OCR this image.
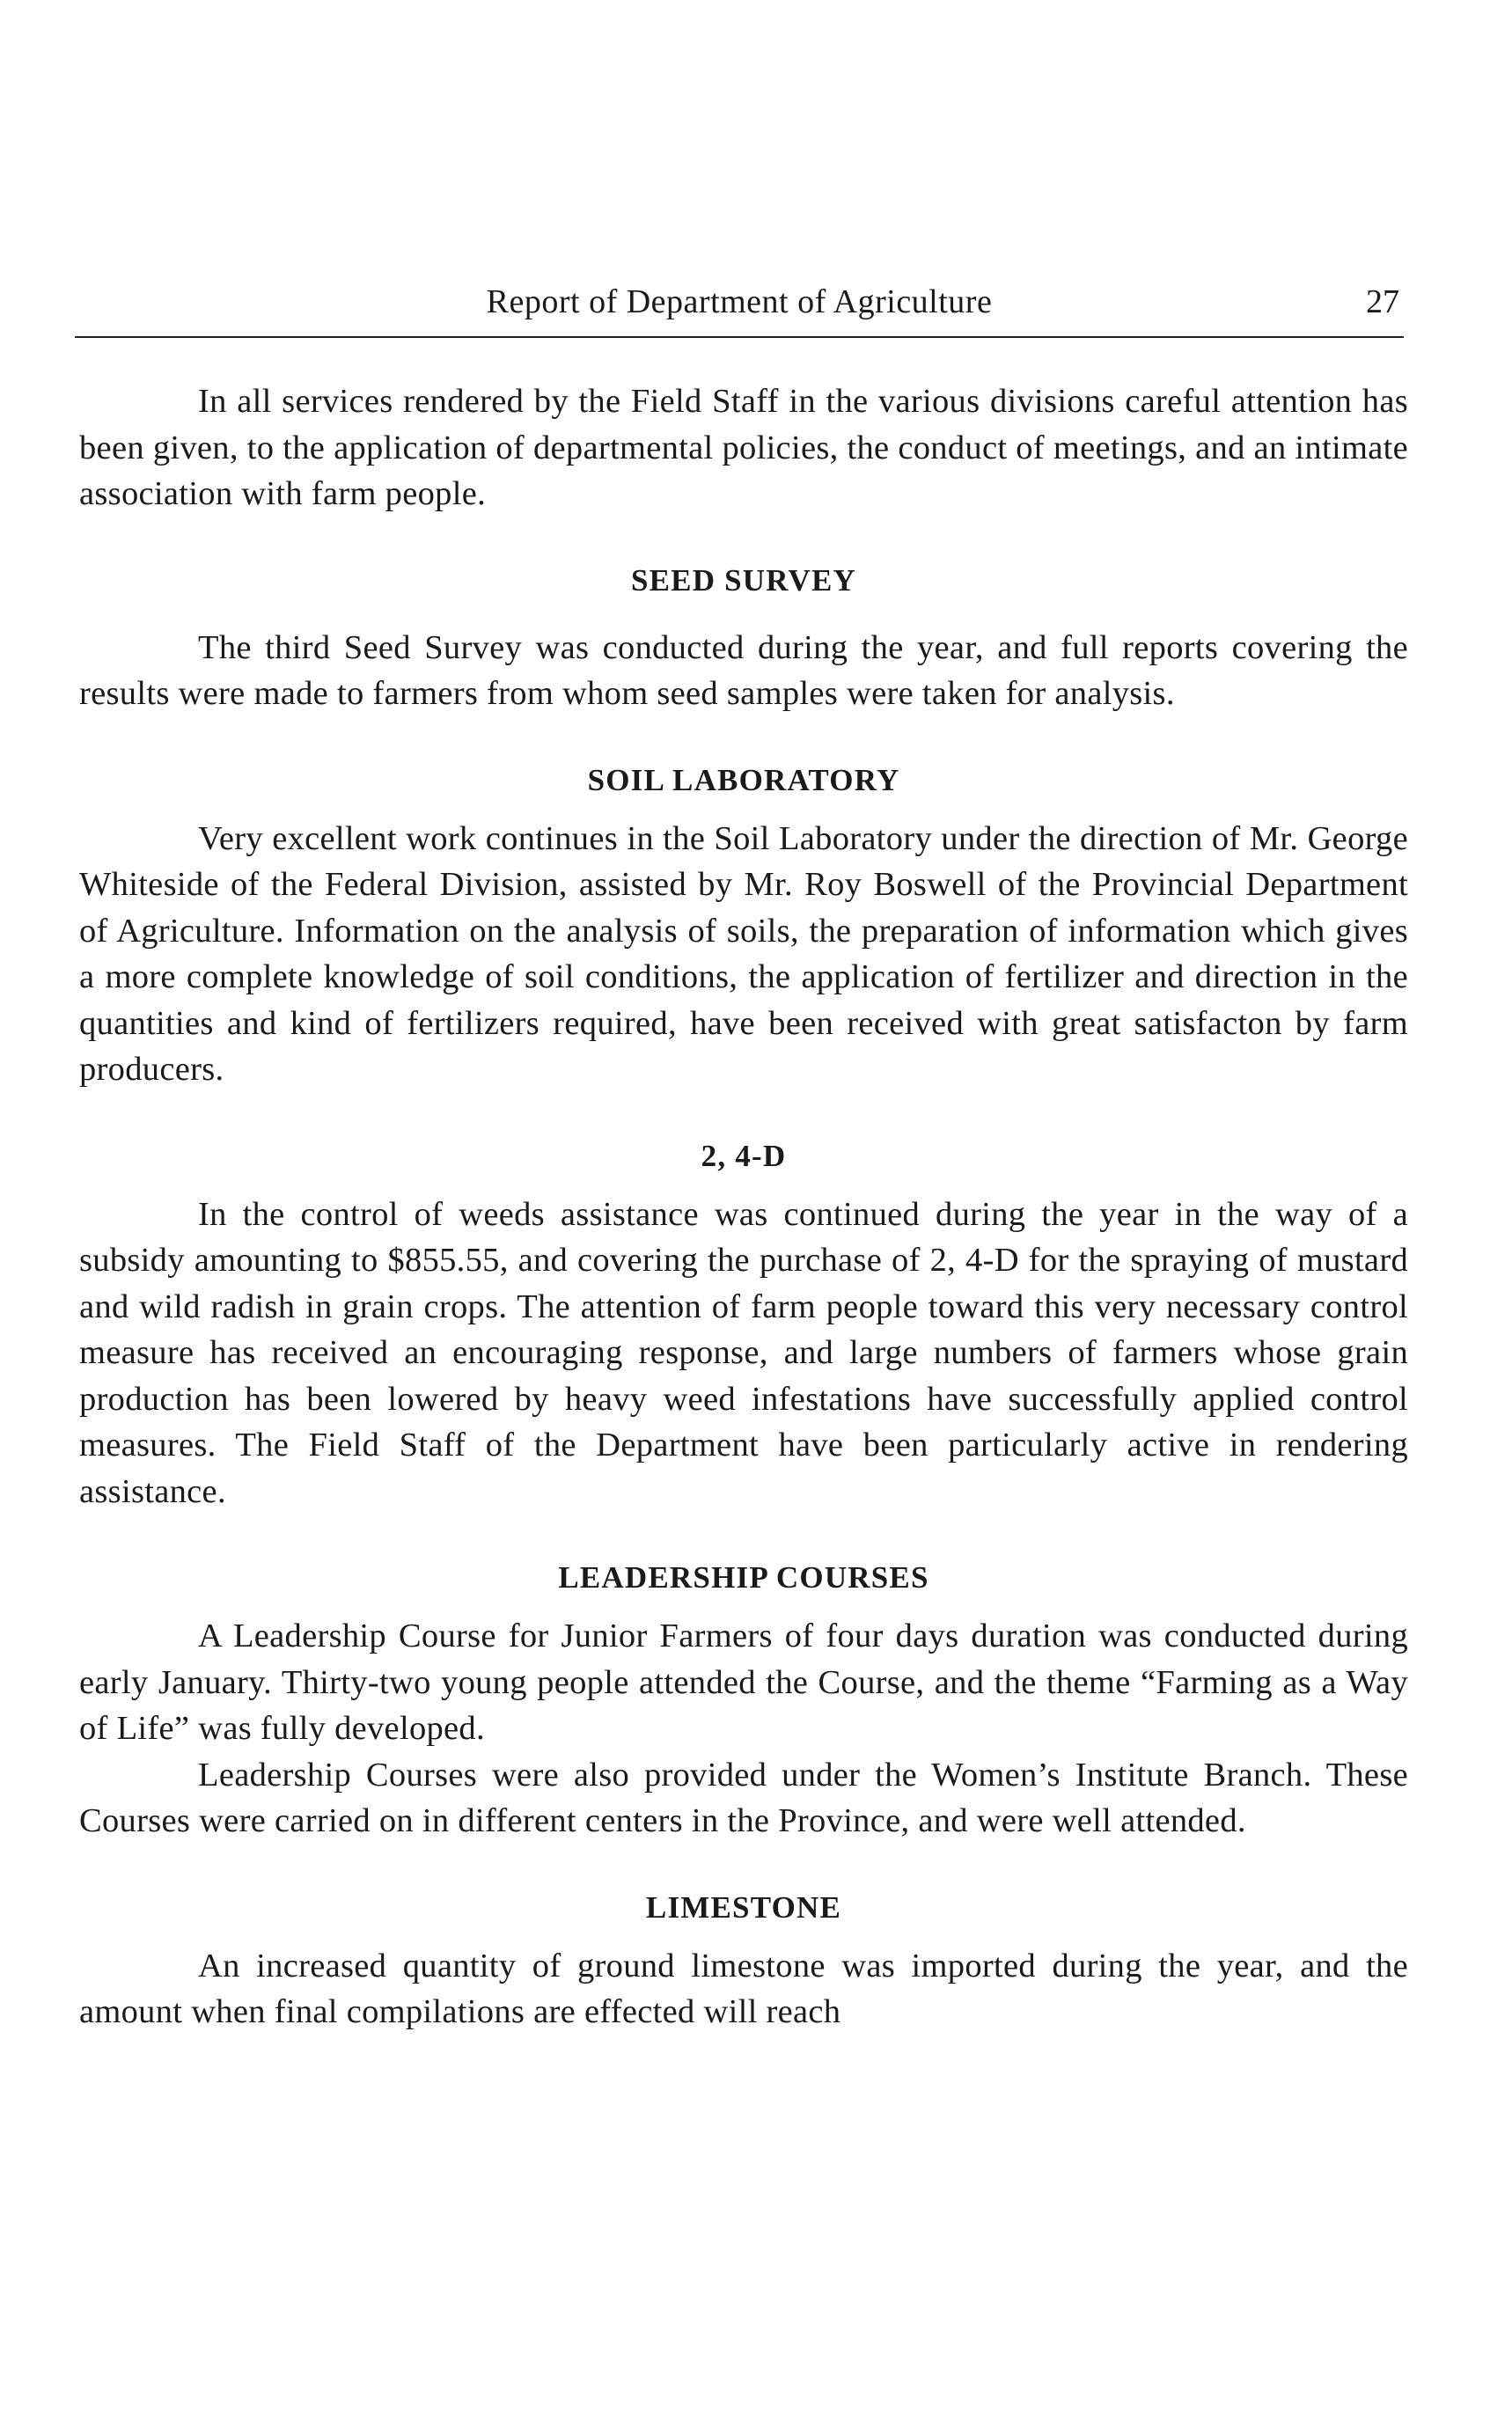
Report of Department of Agriculture	27

In all services rendered by the Field Staff in the various divisions careful attention has been given, to the application of departmental policies, the conduct of meetings, and an intimate association with farm people.

SEED SURVEY

The third Seed Survey was conducted during the year, and full reports covering the results were made to farmers from whom seed samples were taken for analysis.

SOIL LABORATORY

Very excellent work continues in the Soil Laboratory under the direction of Mr. George Whiteside of the Federal Division, assisted by Mr. Roy Boswell of the Provincial Department of Agriculture. Information on the analysis of soils, the preparation of information which gives a more complete knowledge of soil conditions, the application of fertilizer and direction in the quantities and kind of fertilizers required, have been received with great satisfacton by farm producers.

2, 4-D

In the control of weeds assistance was continued during the year in the way of a subsidy amounting to $855.55, and covering the purchase of 2, 4-D for the spraying of mustard and wild radish in grain crops. The attention of farm people toward this very necessary control measure has received an encouraging response, and large numbers of farmers whose grain production has been lowered by heavy weed infestations have successfully applied control measures. The Field Staff of the Department have been particularly active in rendering assistance.

LEADERSHIP COURSES

A Leadership Course for Junior Farmers of four days duration was conducted during early January. Thirty-two young people attended the Course, and the theme “Farming as a Way of Life” was fully developed.

Leadership Courses were also provided under the Women’s Institute Branch. These Courses were carried on in different centers in the Province, and were well attended.

LIMESTONE

An increased quantity of ground limestone was imported during the year, and the amount when final compilations are effected will reach
